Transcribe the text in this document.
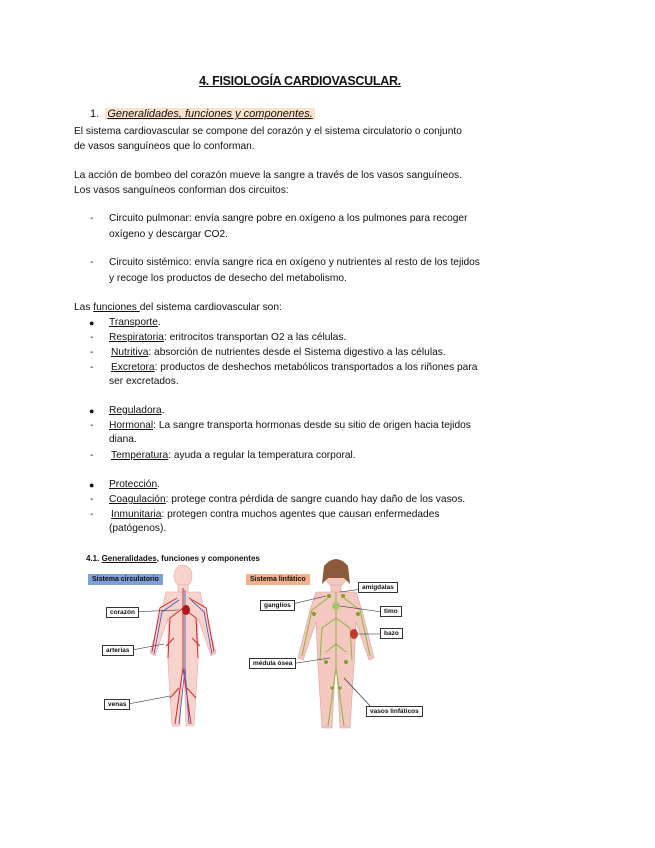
4. FISIOLOGÍA CARDIOVASCULAR.
1. Generalidades, funciones y componentes.
El sistema cardiovascular se compone del corazón y el sistema circulatorio o conjunto
de vasos sanguíneos que lo conforman.
La acción de bombeo del corazón mueve la sangre a través de los vasos sanguíneos.
Los vasos sanguíneos conforman dos circuitos:
- Circuito pulmonar: envía sangre pobre en oxígeno a los pulmones para recoger
oxígeno y descargar CO2.
- Circuito sistémico: envía sangre rica en oxígeno y nutrientes al resto de los tejidos
y recoge los productos de desecho del metabolismo.
Las funciones del sistema cardiovascular son:
● Transporte.
- Respiratoria: eritrocitos transportan O2 a las células.
- Nutritiva: absorción de nutrientes desde el Sistema digestivo a las células.
- Excretora: productos de deshechos metabólicos transportados a los riñones para
ser excretados.
● Reguladora.
- Hormonal: La sangre transporta hormonas desde su sitio de origen hacia tejidos
diana.
- Temperatura: ayuda a regular la temperatura corporal.
● Protección.
- Coagulación: protege contra pérdida de sangre cuando hay daño de los vasos.
- Inmunitaria: protegen contra muchos agentes que causan enfermedades
(patógenos).
.
4.1. Generalidades, funciones y componentes
Sistema circulatorio	Sistema linfático
corazón
arterias
venas
amígdalas
ganglios
timo
bazo
médula ósea
vasos linfáticos
